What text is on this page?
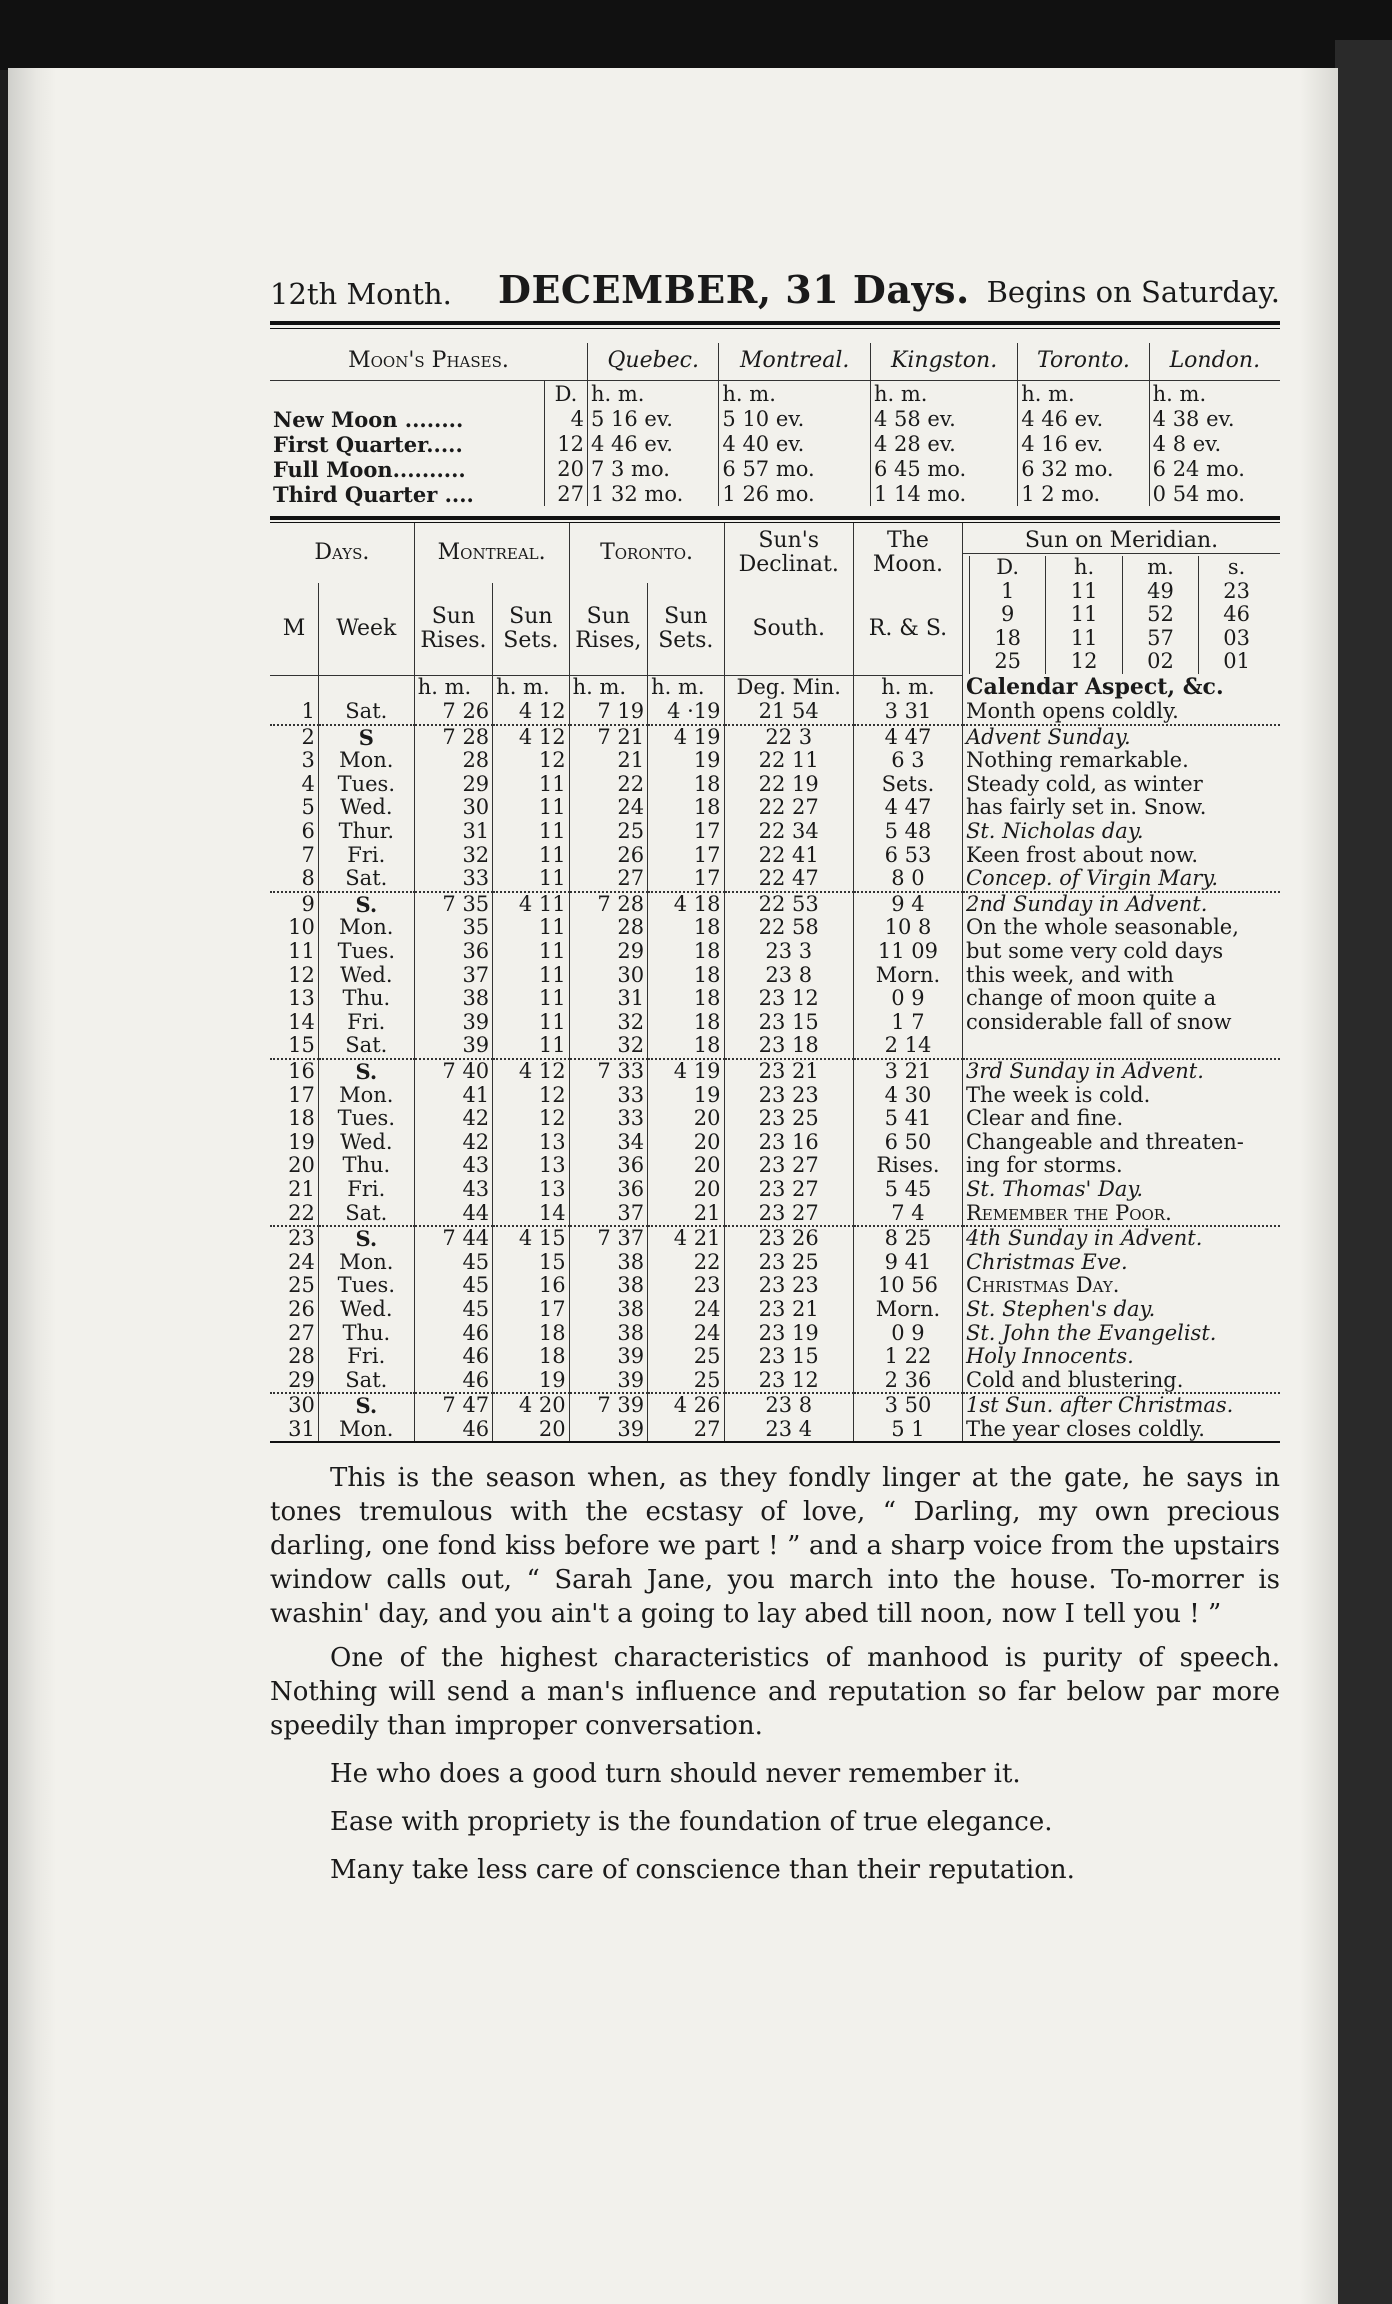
12th Month. DECEMBER, 31 Days. Begins on Saturday.
Moon's Phases.		Quebec.	Montreal.	Kingston.	Toronto.	London.
	D.	h. m.	h. m.	h. m.	h. m.	h. m.
New Moon ........	4	5 16 ev.	5 10 ev.	4 58 ev.	4 46 ev.	4 38 ev.
First Quarter.....	12	4 46 ev.	4 40 ev.	4 28 ev.	4 16 ev.	4 8 ev.
Full Moon..........	20	7 3 mo.	6 57 mo.	6 45 mo.	6 32 mo.	6 24 mo.
Third Quarter ....	27	1 32 mo.	1 26 mo.	1 14 mo.	1 2 mo.	0 54 mo.
Days.	Montreal.	Toronto.	Sun's Declinat.	The Moon.	Sun on Meridian.

D.	h.	m.	s.
1	11	49	23
9	11	52	46
18	11	57	03
25	12	02	01

M	Week	Sun Rises.	Sun Sets.	Sun Rises,	Sun Sets.	South.	R. & S.
		h. m.	h. m.	h. m.	h. m.	Deg. Min.	h. m.	Calendar Aspect, &c.
1	Sat.	7 26	4 12	7 19	4 ·19	21 54	3 31	Month opens coldly.
2	S	7 28	4 12	7 21	4 19	22 3	4 47	Advent Sunday.
3	Mon.	28	12	21	19	22 11	6 3	Nothing remarkable.
4	Tues.	29	11	22	18	22 19	Sets.	Steady cold, as winter
5	Wed.	30	11	24	18	22 27	4 47	has fairly set in. Snow.
6	Thur.	31	11	25	17	22 34	5 48	St. Nicholas day.
7	Fri.	32	11	26	17	22 41	6 53	Keen frost about now.
8	Sat.	33	11	27	17	22 47	8 0	Concep. of Virgin Mary.
9	S.	7 35	4 11	7 28	4 18	22 53	9 4	2nd Sunday in Advent.
10	Mon.	35	11	28	18	22 58	10 8	On the whole seasonable,
11	Tues.	36	11	29	18	23 3	11 09	but some very cold days
12	Wed.	37	11	30	18	23 8	Morn.	this week, and with
13	Thu.	38	11	31	18	23 12	0 9	change of moon quite a
14	Fri.	39	11	32	18	23 15	1 7	considerable fall of snow
15	Sat.	39	11	32	18	23 18	2 14	
16	S.	7 40	4 12	7 33	4 19	23 21	3 21	3rd Sunday in Advent.
17	Mon.	41	12	33	19	23 23	4 30	The week is cold.
18	Tues.	42	12	33	20	23 25	5 41	Clear and fine.
19	Wed.	42	13	34	20	23 16	6 50	Changeable and threaten-
20	Thu.	43	13	36	20	23 27	Rises.	ing for storms.
21	Fri.	43	13	36	20	23 27	5 45	St. Thomas' Day.
22	Sat.	44	14	37	21	23 27	7 4	Remember the Poor.
23	S.	7 44	4 15	7 37	4 21	23 26	8 25	4th Sunday in Advent.
24	Mon.	45	15	38	22	23 25	9 41	Christmas Eve.
25	Tues.	45	16	38	23	23 23	10 56	Christmas Day.
26	Wed.	45	17	38	24	23 21	Morn.	St. Stephen's day.
27	Thu.	46	18	38	24	23 19	0 9	St. John the Evangelist.
28	Fri.	46	18	39	25	23 15	1 22	Holy Innocents.
29	Sat.	46	19	39	25	23 12	2 36	Cold and blustering.
30	S.	7 47	4 20	7 39	4 26	23 8	3 50	1st Sun. after Christmas.
31	Mon.	46	20	39	27	23 4	5 1	The year closes coldly.

This is the season when, as they fondly linger at the gate, he says in tones tremulous with the ecstasy of love, “ Darling, my own precious darling, one fond kiss before we part ! ” and a sharp voice from the upstairs window calls out, “ Sarah Jane, you march into the house. To-morrer is washin' day, and you ain't a going to lay abed till noon, now I tell you ! ”

One of the highest characteristics of manhood is purity of speech. Nothing will send a man's influence and reputation so far below par more speedily than improper conversation.

He who does a good turn should never remember it.

Ease with propriety is the foundation of true elegance.

Many take less care of conscience than their reputation.
